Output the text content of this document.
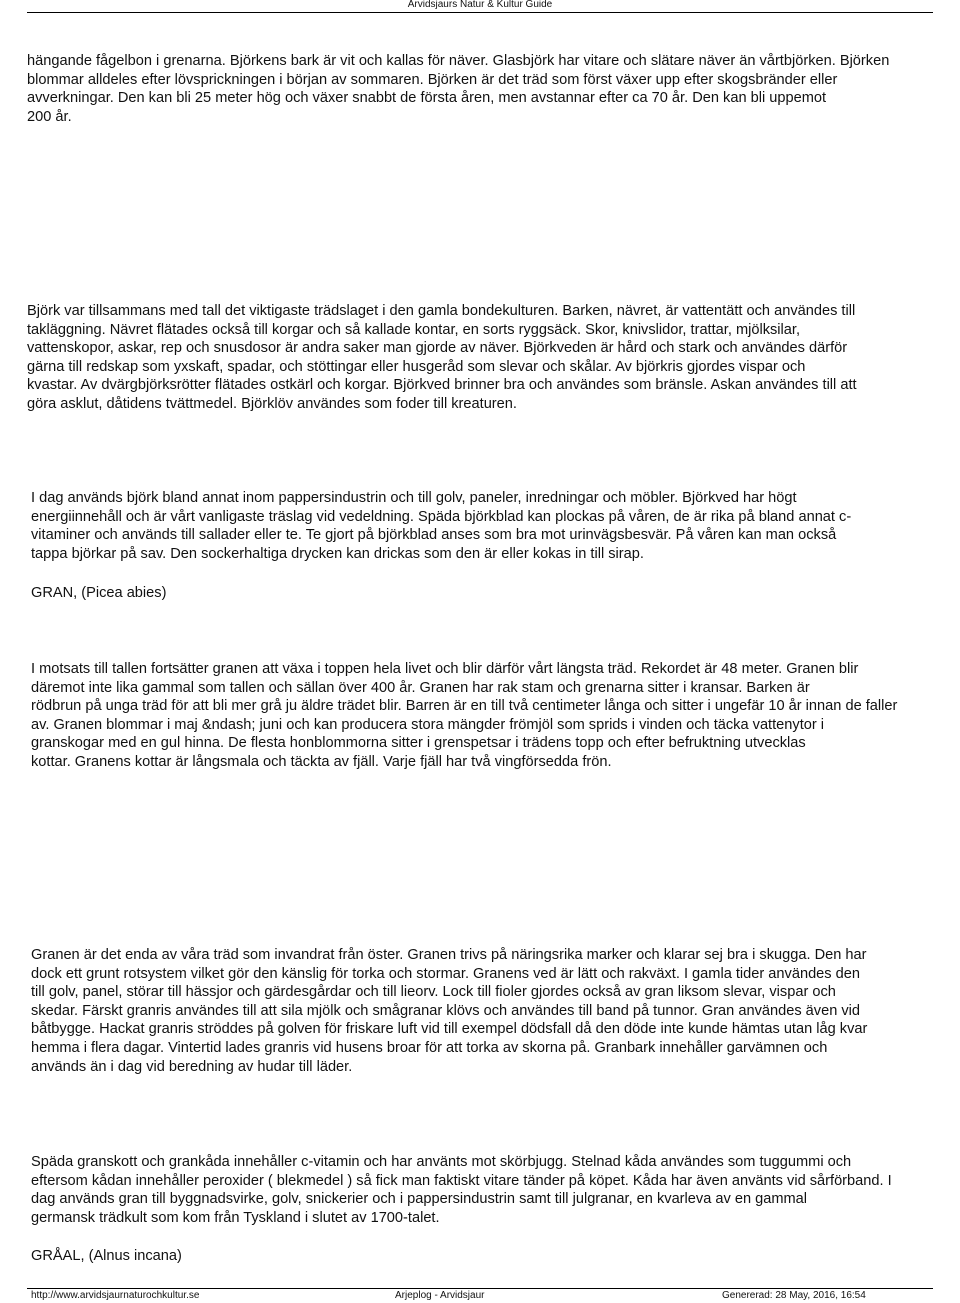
Arvidsjaurs Natur & Kultur Guide

hängande fågelbon i grenarna. Björkens bark är vit och kallas för näver. Glasbjörk har vitare och slätare näver än vårtbjörken. Björken
blommar alldeles efter lövsprickningen i början av sommaren. Björken är det träd som först växer upp efter skogsbränder eller
avverkningar. Den kan bli 25 meter hög och växer snabbt de första åren, men avstannar efter ca 70 år. Den kan bli uppemot
200 år.

Björk var tillsammans med tall det viktigaste trädslaget i den gamla bondekulturen. Barken, nävret, är vattentätt och användes till
takläggning. Nävret flätades också till korgar och så kallade kontar, en sorts ryggsäck. Skor, knivslidor, trattar, mjölksilar,
vattenskopor, askar, rep och snusdosor är andra saker man gjorde av näver. Björkveden är hård och stark och användes därför
gärna till redskap som yxskaft, spadar, och stöttingar eller husgeråd som slevar och skålar. Av björkris gjordes vispar och
kvastar. Av dvärgbjörksrötter flätades ostkärl och korgar. Björkved brinner bra och användes som bränsle. Askan användes till att
göra asklut, dåtidens tvättmedel. Björklöv användes som foder till kreaturen.

I dag används björk bland annat inom pappersindustrin och till golv, paneler, inredningar och möbler. Björkved har högt
energiinnehåll och är vårt vanligaste träslag vid vedeldning. Späda björkblad kan plockas på våren, de är rika på bland annat c-
vitaminer och används till sallader eller te. Te gjort på björkblad anses som bra mot urinvägsbesvär. På våren kan man också
tappa björkar på sav. Den sockerhaltiga drycken kan drickas som den är eller kokas in till sirap.

GRAN, (Picea abies)

I motsats till tallen fortsätter granen att växa i toppen hela livet och blir därför vårt längsta träd. Rekordet är 48 meter. Granen blir
däremot inte lika gammal som tallen och sällan över 400 år. Granen har rak stam och grenarna sitter i kransar. Barken är
rödbrun på unga träd för att bli mer grå ju äldre trädet blir. Barren är en till två centimeter långa och sitter i ungefär 10 år innan de faller
av. Granen blommar i maj &ndash; juni och kan producera stora mängder frömjöl som sprids i vinden och täcka vattenytor i
granskogar med en gul hinna. De flesta honblommorna sitter i grenspetsar i trädens topp och efter befruktning utvecklas
kottar. Granens kottar är långsmala och täckta av fjäll. Varje fjäll har två vingförsedda frön.

Granen är det enda av våra träd som invandrat från öster. Granen trivs på näringsrika marker och klarar sej bra i skugga. Den har
dock ett grunt rotsystem vilket gör den känslig för torka och stormar. Granens ved är lätt och rakväxt. I gamla tider användes den
till golv, panel, störar till hässjor och gärdesgårdar och till lieorv. Lock till fioler gjordes också av gran liksom slevar, vispar och
skedar. Färskt granris användes till att sila mjölk och smågranar klövs och användes till band på tunnor. Gran användes även vid
båtbygge. Hackat granris ströddes på golven för friskare luft vid till exempel dödsfall då den döde inte kunde hämtas utan låg kvar
hemma i flera dagar. Vintertid lades granris vid husens broar för att torka av skorna på. Granbark innehåller garvämnen och
används än i dag vid beredning av hudar till läder.

Späda granskott och grankåda innehåller c-vitamin och har använts mot skörbjugg. Stelnad kåda användes som tuggummi och
eftersom kådan innehåller peroxider ( blekmedel ) så fick man faktiskt vitare tänder på köpet. Kåda har även använts vid sårförband. I
dag används gran till byggnadsvirke, golv, snickerier och i pappersindustrin samt till julgranar, en kvarleva av en gammal
germansk trädkult som kom från Tyskland i slutet av 1700-talet.

GRÅAL, (Alnus incana)

http://www.arvidsjaurnaturochkultur.se	Arjeplog - Arvidsjaur	Genererad: 28 May, 2016, 16:54
